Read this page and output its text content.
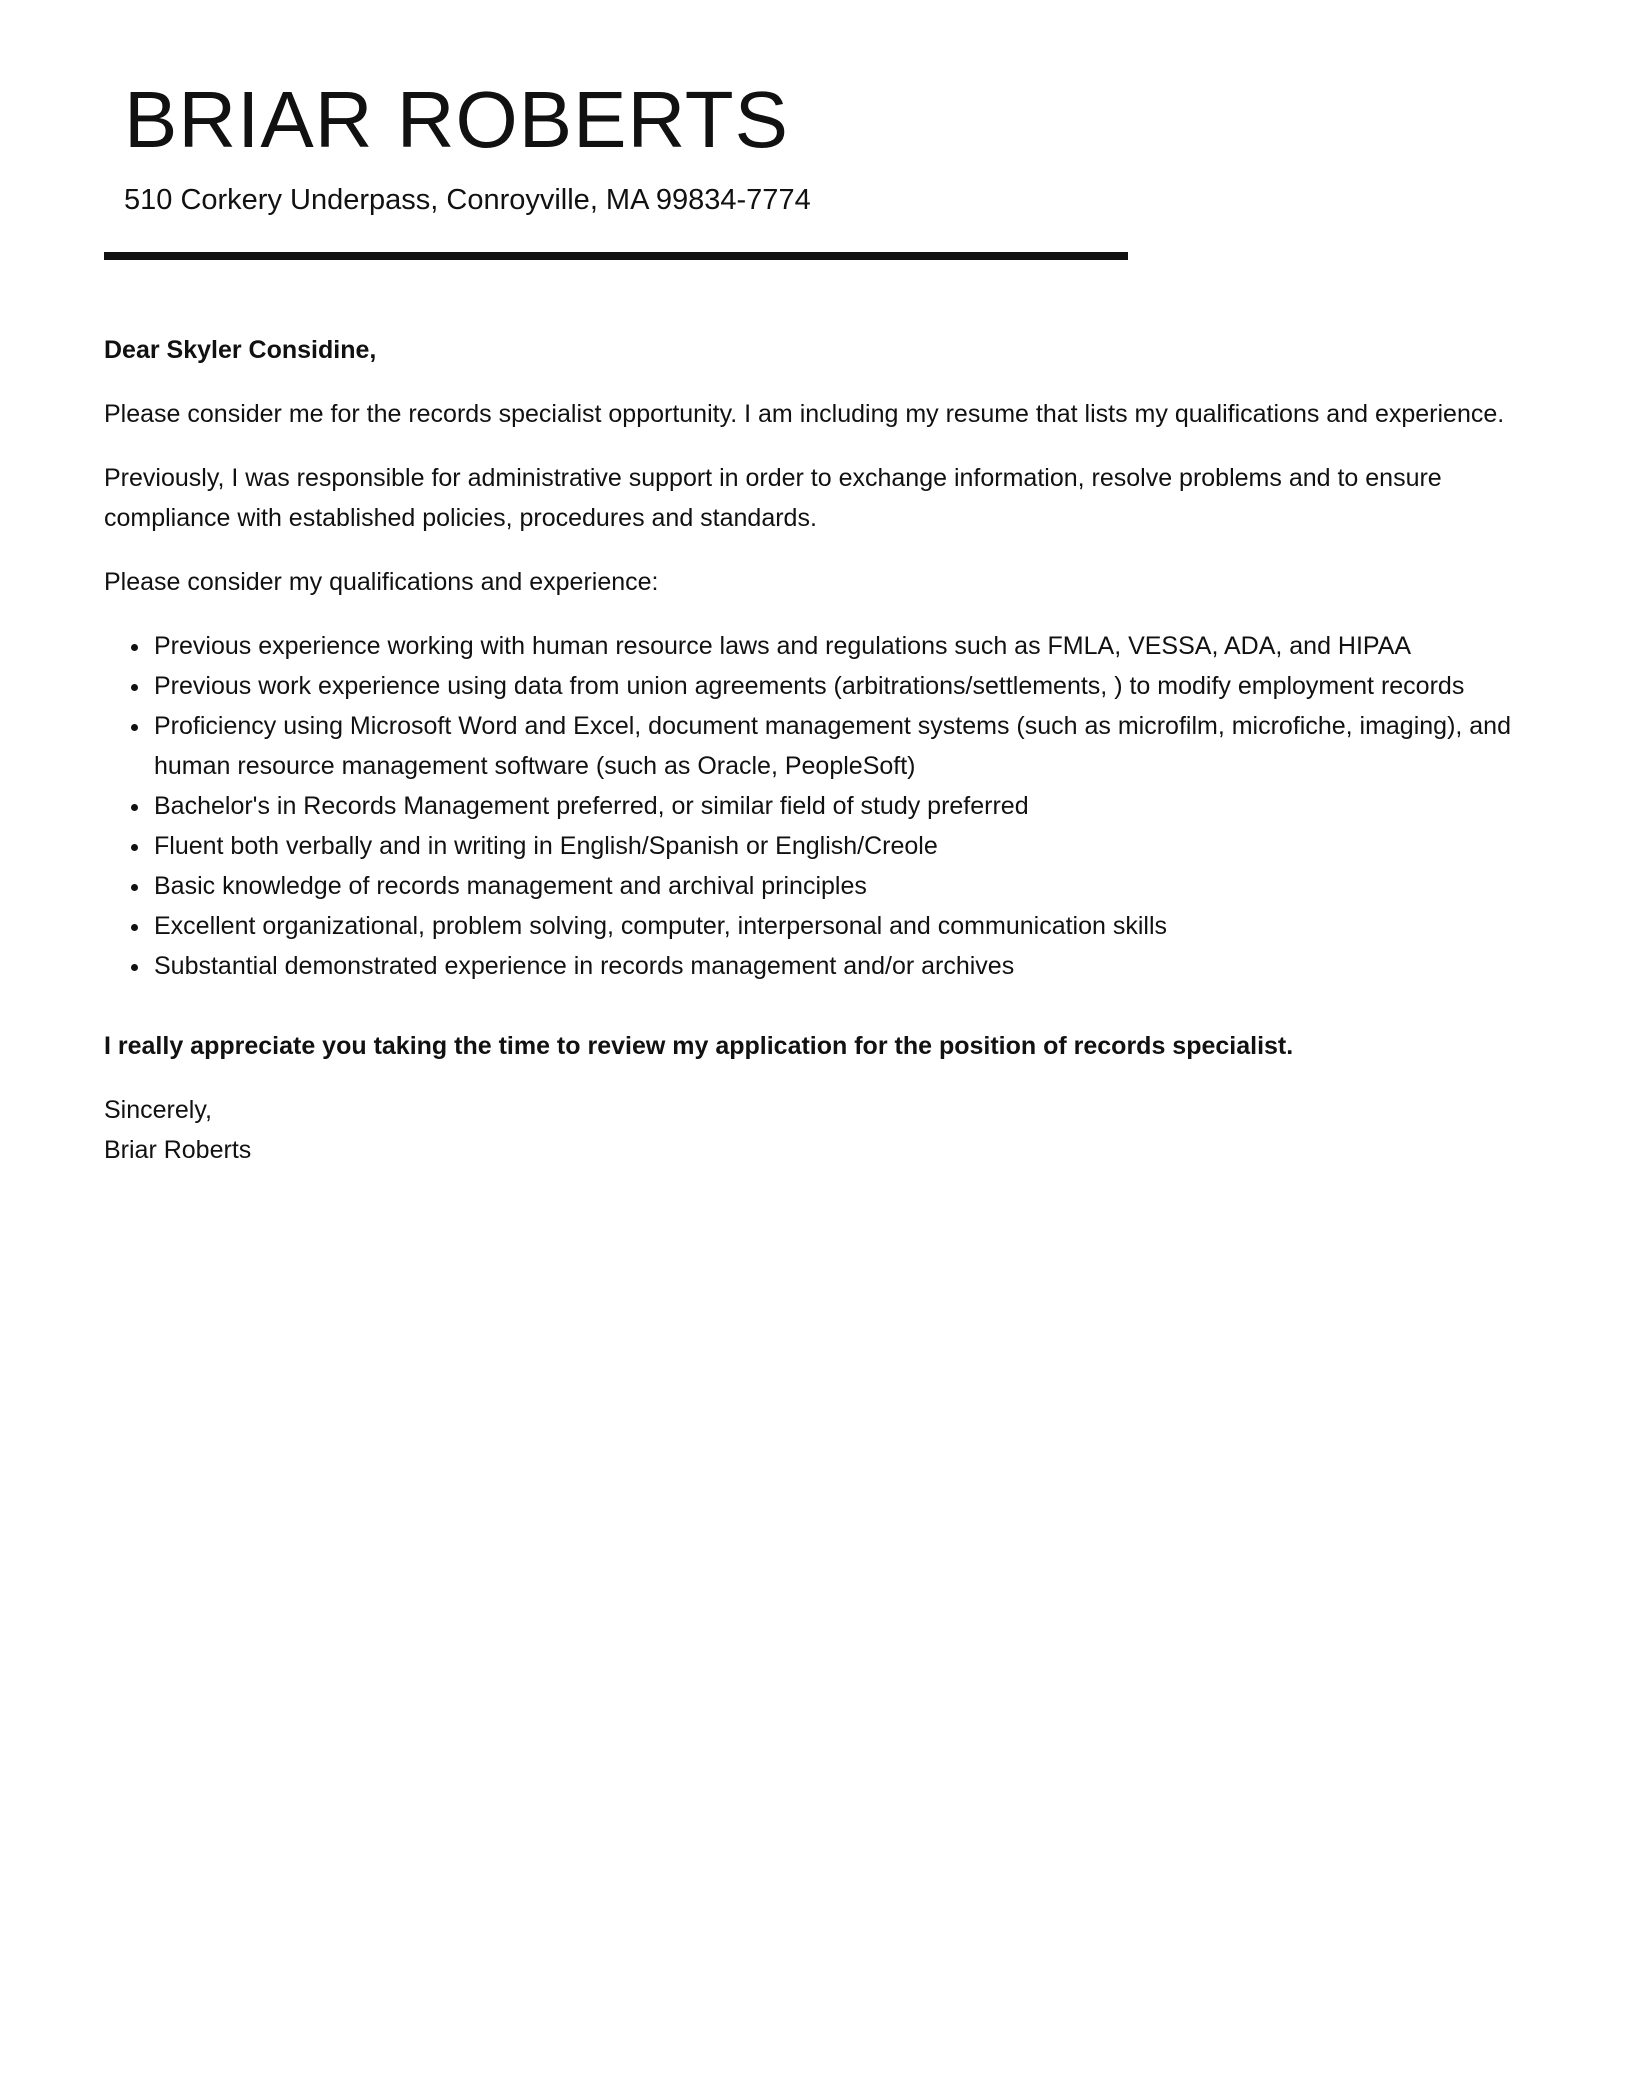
BRIAR ROBERTS
510 Corkery Underpass, Conroyville, MA 99834-7774

Dear Skyler Considine,

Please consider me for the records specialist opportunity. I am including my resume that lists my qualifications and experience.

Previously, I was responsible for administrative support in order to exchange information, resolve problems and to ensure compliance with established policies, procedures and standards.

Please consider my qualifications and experience:

• Previous experience working with human resource laws and regulations such as FMLA, VESSA, ADA, and HIPAA
• Previous work experience using data from union agreements (arbitrations/settlements, ) to modify employment records
• Proficiency using Microsoft Word and Excel, document management systems (such as microfilm, microfiche, imaging), and human resource management software (such as Oracle, PeopleSoft)
• Bachelor's in Records Management preferred, or similar field of study preferred
• Fluent both verbally and in writing in English/Spanish or English/Creole
• Basic knowledge of records management and archival principles
• Excellent organizational, problem solving, computer, interpersonal and communication skills
• Substantial demonstrated experience in records management and/or archives

I really appreciate you taking the time to review my application for the position of records specialist.

Sincerely,

Briar Roberts
